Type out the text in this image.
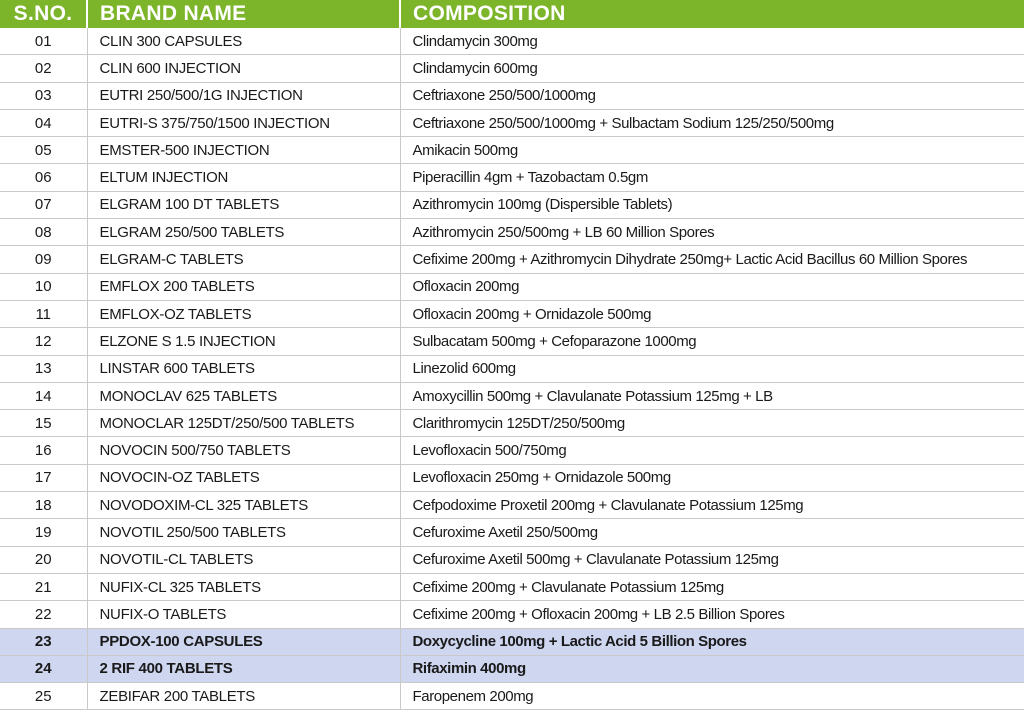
S.NO.	BRAND NAME	COMPOSITION
01	CLIN 300 CAPSULES	Clindamycin 300mg
02	CLIN 600 INJECTION	Clindamycin 600mg
03	EUTRI 250/500/1G INJECTION	Ceftriaxone 250/500/1000mg
04	EUTRI-S 375/750/1500 INJECTION	Ceftriaxone 250/500/1000mg + Sulbactam Sodium 125/250/500mg
05	EMSTER-500 INJECTION	Amikacin 500mg
06	ELTUM INJECTION	Piperacillin 4gm + Tazobactam 0.5gm
07	ELGRAM 100 DT TABLETS	Azithromycin 100mg (Dispersible Tablets)
08	ELGRAM 250/500 TABLETS	Azithromycin 250/500mg + LB 60 Million Spores
09	ELGRAM-C TABLETS	Cefixime 200mg + Azithromycin Dihydrate 250mg+ Lactic Acid Bacillus 60 Million Spores
10	EMFLOX 200 TABLETS	Ofloxacin 200mg
11	EMFLOX-OZ TABLETS	Ofloxacin 200mg + Ornidazole 500mg
12	ELZONE S 1.5 INJECTION	Sulbacatam 500mg + Cefoparazone 1000mg
13	LINSTAR 600 TABLETS	Linezolid 600mg
14	MONOCLAV 625 TABLETS	Amoxycillin 500mg + Clavulanate Potassium 125mg + LB
15	MONOCLAR 125DT/250/500 TABLETS	Clarithromycin 125DT/250/500mg
16	NOVOCIN 500/750 TABLETS	Levofloxacin 500/750mg
17	NOVOCIN-OZ TABLETS	Levofloxacin 250mg + Ornidazole 500mg
18	NOVODOXIM-CL 325 TABLETS	Cefpodoxime Proxetil 200mg + Clavulanate Potassium 125mg
19	NOVOTIL 250/500 TABLETS	Cefuroxime Axetil 250/500mg
20	NOVOTIL-CL TABLETS	Cefuroxime Axetil 500mg + Clavulanate Potassium 125mg
21	NUFIX-CL 325 TABLETS	Cefixime 200mg + Clavulanate Potassium 125mg
22	NUFIX-O TABLETS	Cefixime 200mg + Ofloxacin 200mg + LB 2.5 Billion Spores
23	PPDOX-100 CAPSULES	Doxycycline 100mg + Lactic Acid 5 Billion Spores
24	2 RIF 400 TABLETS	Rifaximin 400mg
25	ZEBIFAR 200 TABLETS	Faropenem 200mg
